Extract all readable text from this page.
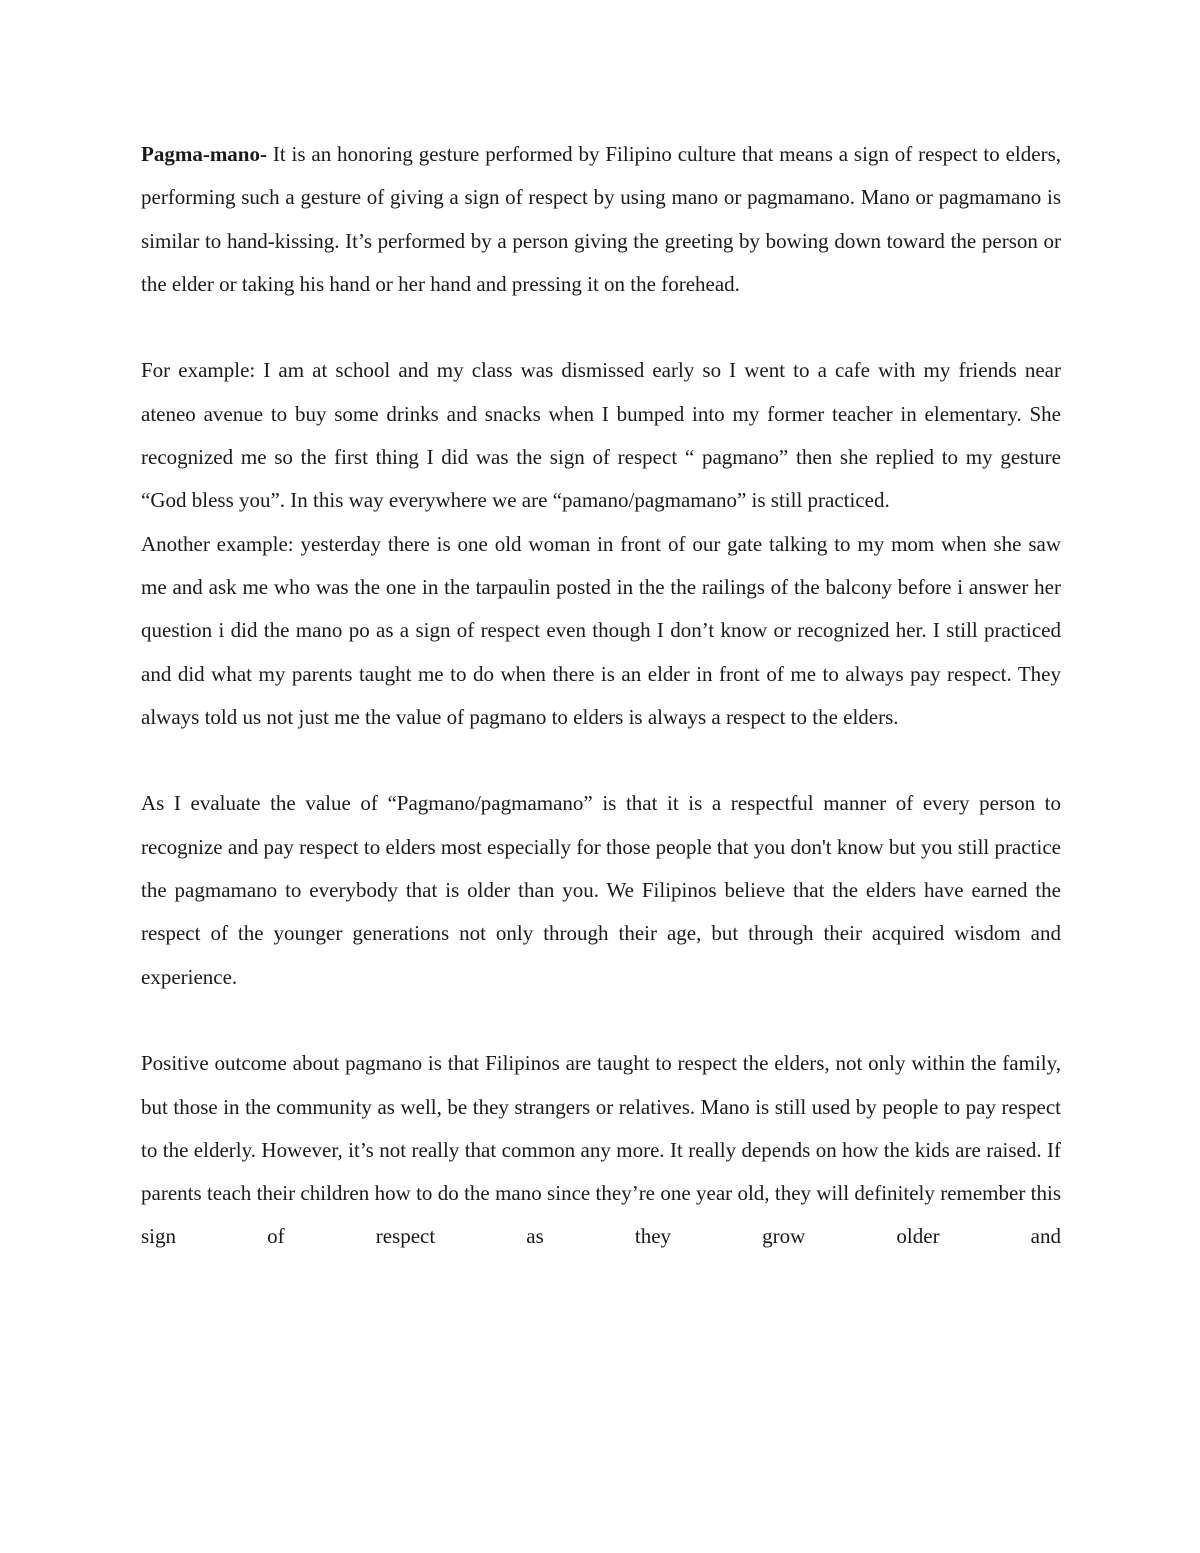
Pagma-mano- It is an honoring gesture performed by Filipino culture that means a sign of respect to elders, performing such a gesture of giving a sign of respect by using mano or pagmamano. Mano or pagmamano is similar to hand-kissing. It’s performed by a person giving the greeting by bowing down toward the person or the elder or taking his hand or her hand and pressing it on the forehead.

For example: I am at school and my class was dismissed early so I went to a cafe with my friends near ateneo avenue to buy some drinks and snacks when I bumped into my former teacher in elementary. She recognized me so the first thing I did was the sign of respect “ pagmano” then she replied to my gesture “God bless you”. In this way everywhere we are “pamano/pagmamano” is still practiced.

Another example: yesterday there is one old woman in front of our gate talking to my mom when she saw me and ask me who was the one in the tarpaulin posted in the the railings of the balcony before i answer her question i did the mano po as a sign of respect even though I don’t know or recognized her. I still practiced and did what my parents taught me to do when there is an elder in front of me to always pay respect. They always told us not just me the value of pagmano to elders is always a respect to the elders.

As I evaluate the value of “Pagmano/pagmamano” is that it is a respectful manner of every person to recognize and pay respect to elders most especially for those people that you don't know but you still practice the pagmamano to everybody that is older than you. We Filipinos believe that the elders have earned the respect of the younger generations not only through their age, but through their acquired wisdom and experience.

Positive outcome about pagmano is that Filipinos are taught to respect the elders, not only within the family, but those in the community as well, be they strangers or relatives. Mano is still used by people to pay respect to the elderly. However, it’s not really that common any more. It really depends on how the kids are raised. If parents teach their children how to do the mano since they’re one year old, they will definitely remember this sign of respect as they grow older and
